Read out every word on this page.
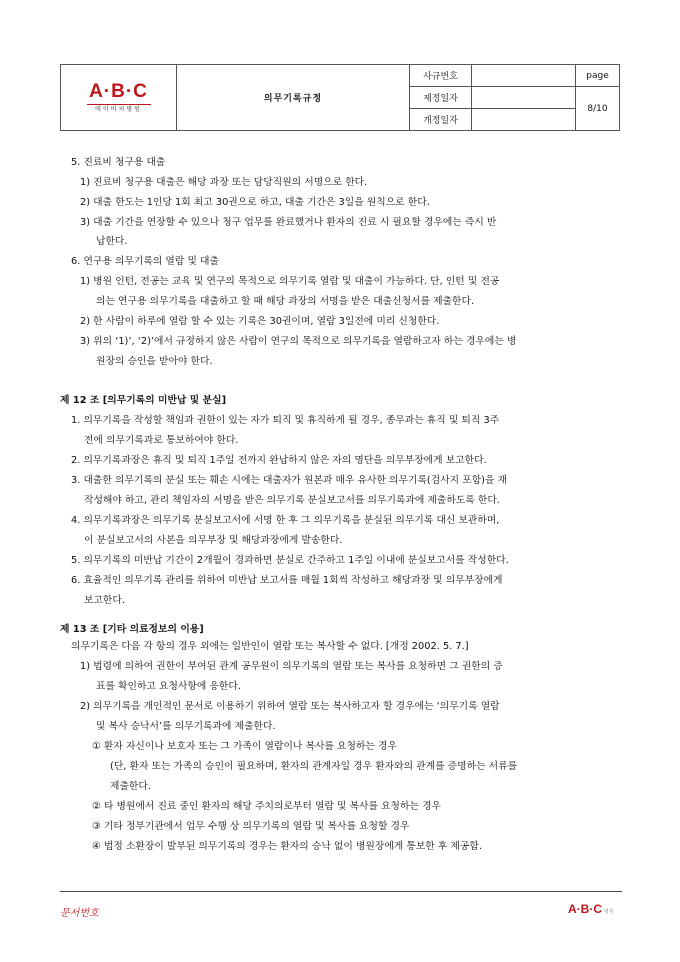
A·B·C
에이비씨병원	의무기록규정	사규번호		page
		제정일자		8/10
		개정일자		
5. 진료비 청구용 대출
1) 진료비 청구용 대출은 해당 과장 또는 담당직원의 서명으로 한다.
2) 대출 한도는 1인당 1회 최고 30권으로 하고, 대출 기간은 3일을 원칙으로 한다.
3) 대출 기간을 연장할 수 있으나 청구 업무를 완료했거나 환자의 진료 시 필요할 경우에는 즉시 반
납한다.
6. 연구용 의무기록의 열람 및 대출
1) 병원 인턴, 전공는 교육 및 연구의 목적으로 의무기록 열람 및 대출이 가능하다. 단, 인턴 및 전공
의는 연구용 의무기록을 대출하고 할 때 해당 과장의 서명을 받은 대출신청서를 제출한다.
2) 한 사람이 하루에 열람 할 수 있는 기록은 30권이며, 열람 3일전에 미리 신청한다.
3) 위의 ‘1)’, ‘2)’에서 규정하지 않은 사람이 연구의 목적으로 의무기록을 열람하고자 하는 경우에는 병
원장의 승인을 받아야 한다.
제 12 조 [의무기록의 미반납 및 분실]
1. 의무기록을 작성할 책임과 권한이 있는 자가 퇴직 및 휴직하게 될 경우, 종무과는 휴직 및 퇴직 3주
전에 의무기록과로 통보하여야 한다.
2. 의무기록과장은 휴직 및 퇴직 1주일 전까지 완납하지 않은 자의 명단을 의무부장에게 보고한다.
3. 대출한 의무기록의 분실 또는 훼손 시에는 대출자가 원본과 매우 유사한 의무기록(검사지 포함)을 재
작성해야 하고, 관리 책임자의 서명을 받은 의무기록 분실보고서를 의무기록과에 제출하도록 한다.
4. 의무기록과장은 의무기록 분실보고서에 서명 한 후 그 의무기록을 분실된 의무기록 대신 보관하며,
이 분실보고서의 사본을 의무부장 및 해당과장에게 발송한다.
5. 의무기록의 미반납 기간이 2개월이 경과하면 분실로 간주하고 1주일 이내에 분실보고서를 작성한다.
6. 효율적인 의무기록 관리를 위하여 미반납 보고서를 매월 1회씩 작성하고 해당과장 및 의무부장에게
보고한다.
제 13 조 [기타 의료정보의 이용]
의무기록은 다음 각 항의 경우 외에는 일반인이 열람 또는 복사할 수 없다. [개정 2002. 5. 7.]
1) 법령에 의하여 권한이 부여된 관계 공무원이 의무기록의 열람 또는 복사를 요청하면 그 권한의 증
표를 확인하고 요청사항에 응한다.
2) 의무기록을 개인적인 문서로 이용하기 위하여 열람 또는 복사하고자 할 경우에는 ‘의무기록 열람
및 복사 승낙서’를 의무기록과에 제출한다.
① 환자 자신이나 보호자 또는 그 가족이 열람이나 복사를 요청하는 경우
(단, 환자 또는 가족의 승인이 필요하며, 환자의 관계자일 경우 환자와의 관계를 증명하는 서류를
제출한다.
② 타 병원에서 진료 중인 환자의 해당 주치의로부터 열람 및 복사를 요청하는 경우
③ 기타 정부기관에서 업무 수행 상 의무기록의 열람 및 복사를 요청할 경우
④ 법정 소환장이 발부된 의무기록의 경우는 환자의 승낙 없이 병원장에게 통보한 후 제공함.
문서번호	A·B·C 병원
